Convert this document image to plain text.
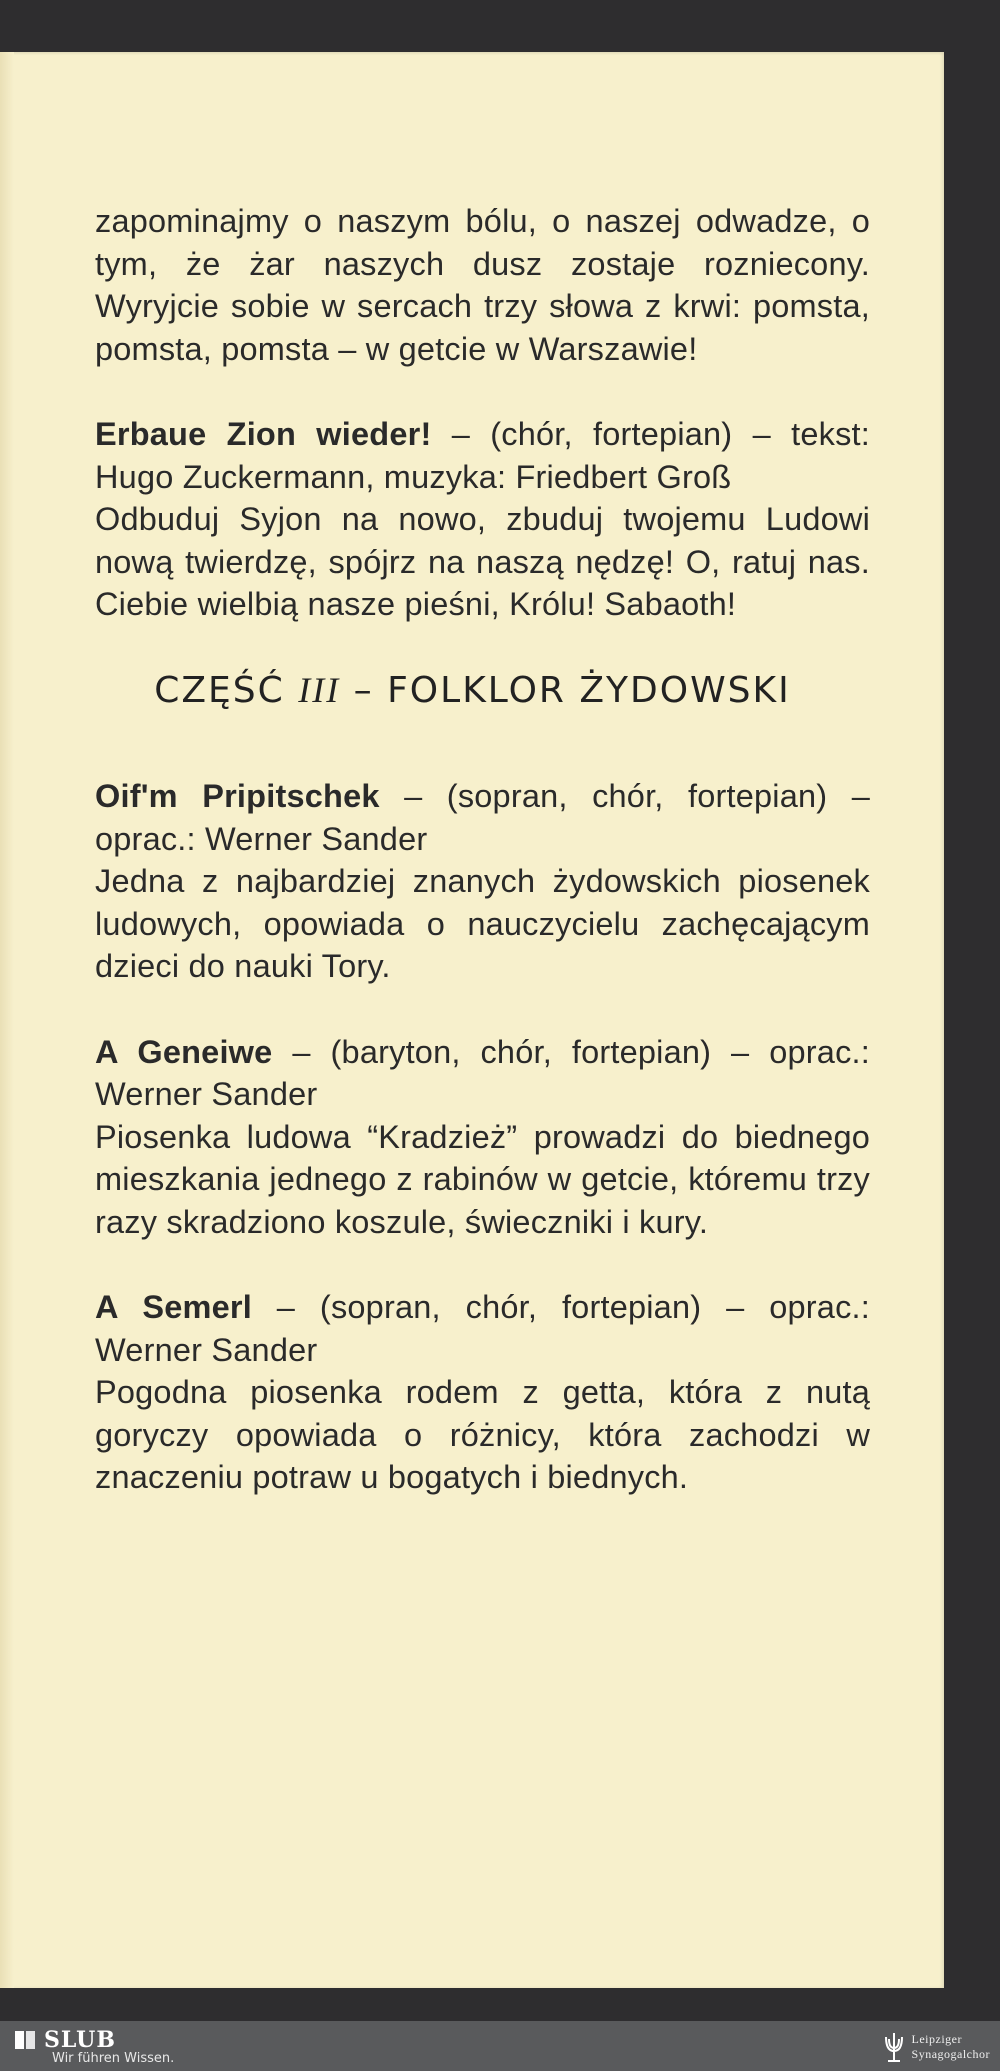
zapominajmy o naszym bólu, o naszej odwadze, o tym, że żar naszych dusz zostaje rozniecony. Wyryjcie sobie w sercach trzy słowa z krwi: pomsta, pomsta, pomsta – w getcie w Warszawie!

Erbaue Zion wieder! – (chór, fortepian) – tekst: Hugo Zuckermann, muzyka: Friedbert Groß

Odbuduj Syjon na nowo, zbuduj twojemu Ludowi nową twierdzę, spójrz na naszą nędzę! O, ratuj nas. Ciebie wielbią nasze pieśni, Królu! Sabaoth!

CZĘŚĆ III – FOLKLOR ŻYDOWSKI

Oif'm Pripitschek – (sopran, chór, fortepian) – oprac.: Werner Sander

Jedna z najbardziej znanych żydowskich piosenek ludowych, opowiada o nauczycielu zachęcającym dzieci do nauki Tory.

A Geneiwe – (baryton, chór, fortepian) – oprac.: Werner Sander

Piosenka ludowa “Kradzież” prowadzi do biednego mieszkania jednego z rabinów w getcie, któremu trzy razy skradziono koszule, świeczniki i kury.

A Semerl – (sopran, chór, fortepian) – oprac.: Werner Sander

Pogodna piosenka rodem z getta, która z nutą goryczy opowiada o różnicy, która zachodzi w znaczeniu potraw u bogatych i biednych.

SLUB
Wir führen Wissen.
Leipziger
Synagogalchor
